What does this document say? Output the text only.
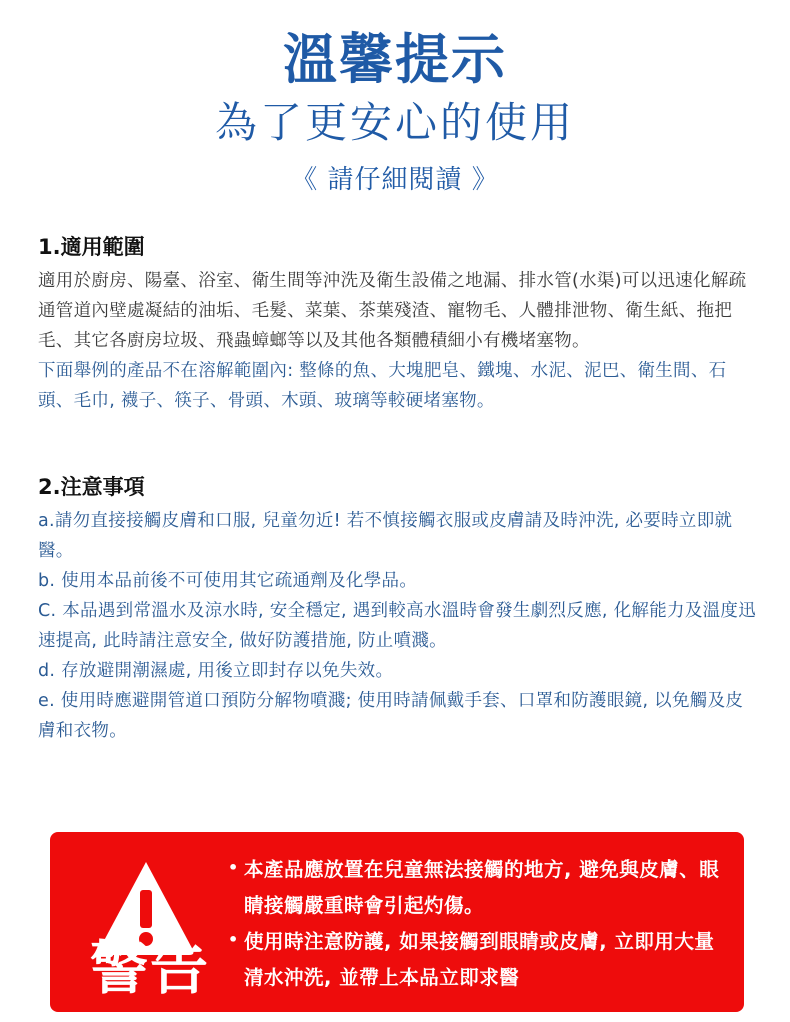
溫馨提示
為了更安心的使用
《 請仔細閱讀 》
1.適用範圍

適用於廚房、陽臺、浴室、衛生間等沖洗及衛生設備之地漏、排水管(水渠)可以迅速化解疏通管道內壁處凝結的油垢、毛髮、菜葉、茶葉殘渣、寵物毛、人體排泄物、衛生紙、拖把毛、其它各廚房垃圾、飛蟲蟑螂等以及其他各類體積細小有機堵塞物。

下面舉例的產品不在溶解範圍內: 整條的魚、大塊肥皂、鐵塊、水泥、泥巴、衛生間、石頭、毛巾, 襪子、筷子、骨頭、木頭、玻璃等較硬堵塞物。

2.注意事項

a.請勿直接接觸皮膚和口服, 兒童勿近! 若不慎接觸衣服或皮膚請及時沖洗, 必要時立即就醫。

b. 使用本品前後不可使用其它疏通劑及化學品。

C. 本品遇到常溫水及涼水時, 安全穩定, 遇到較高水溫時會發生劇烈反應, 化解能力及溫度迅速提高, 此時請注意安全, 做好防護措施, 防止噴濺。

d. 存放避開潮濕處, 用後立即封存以免失效。

e. 使用時應避開管道口預防分解物噴濺; 使用時請佩戴手套、口罩和防護眼鏡, 以免觸及皮膚和衣物。

警告
• 本產品應放置在兒童無法接觸的地方, 避免與皮膚、眼睛接觸嚴重時會引起灼傷。
• 使用時注意防護, 如果接觸到眼睛或皮膚, 立即用大量清水沖洗, 並帶上本品立即求醫
